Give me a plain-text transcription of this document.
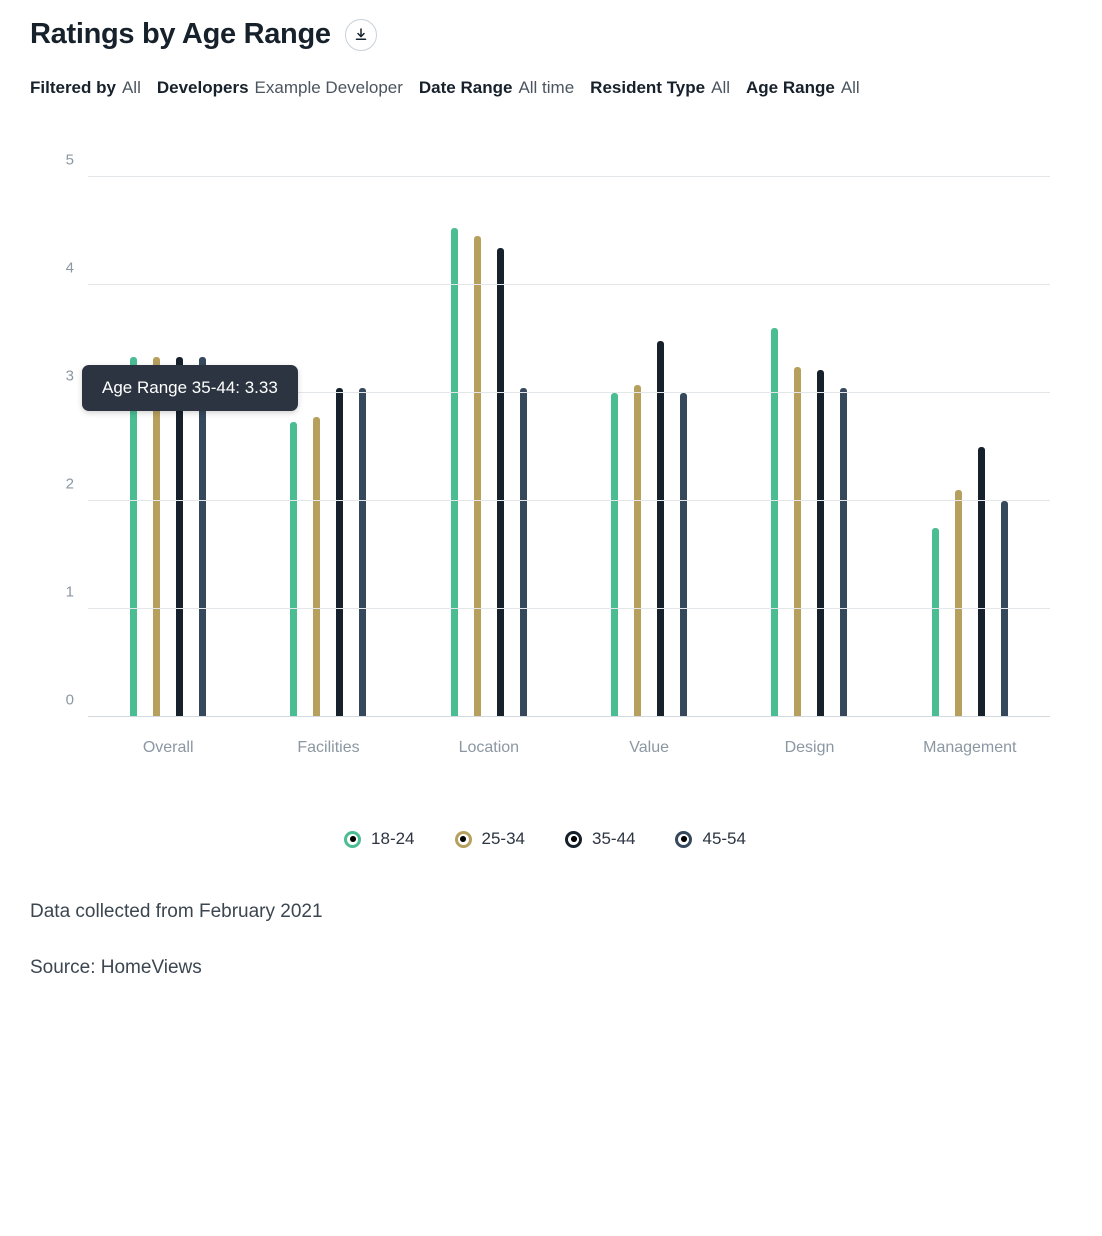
Ratings by Age Range
Filtered by All Developers Example Developer Date Range All time Resident Type All Age Range All
Overall	Facilities	Location	Value	Design	Management
0
1
2
3
4
5
Age Range 35-44: 3.33
18-24	25-34	35-44	45-54

Data collected from February 2021

Source: HomeViews
